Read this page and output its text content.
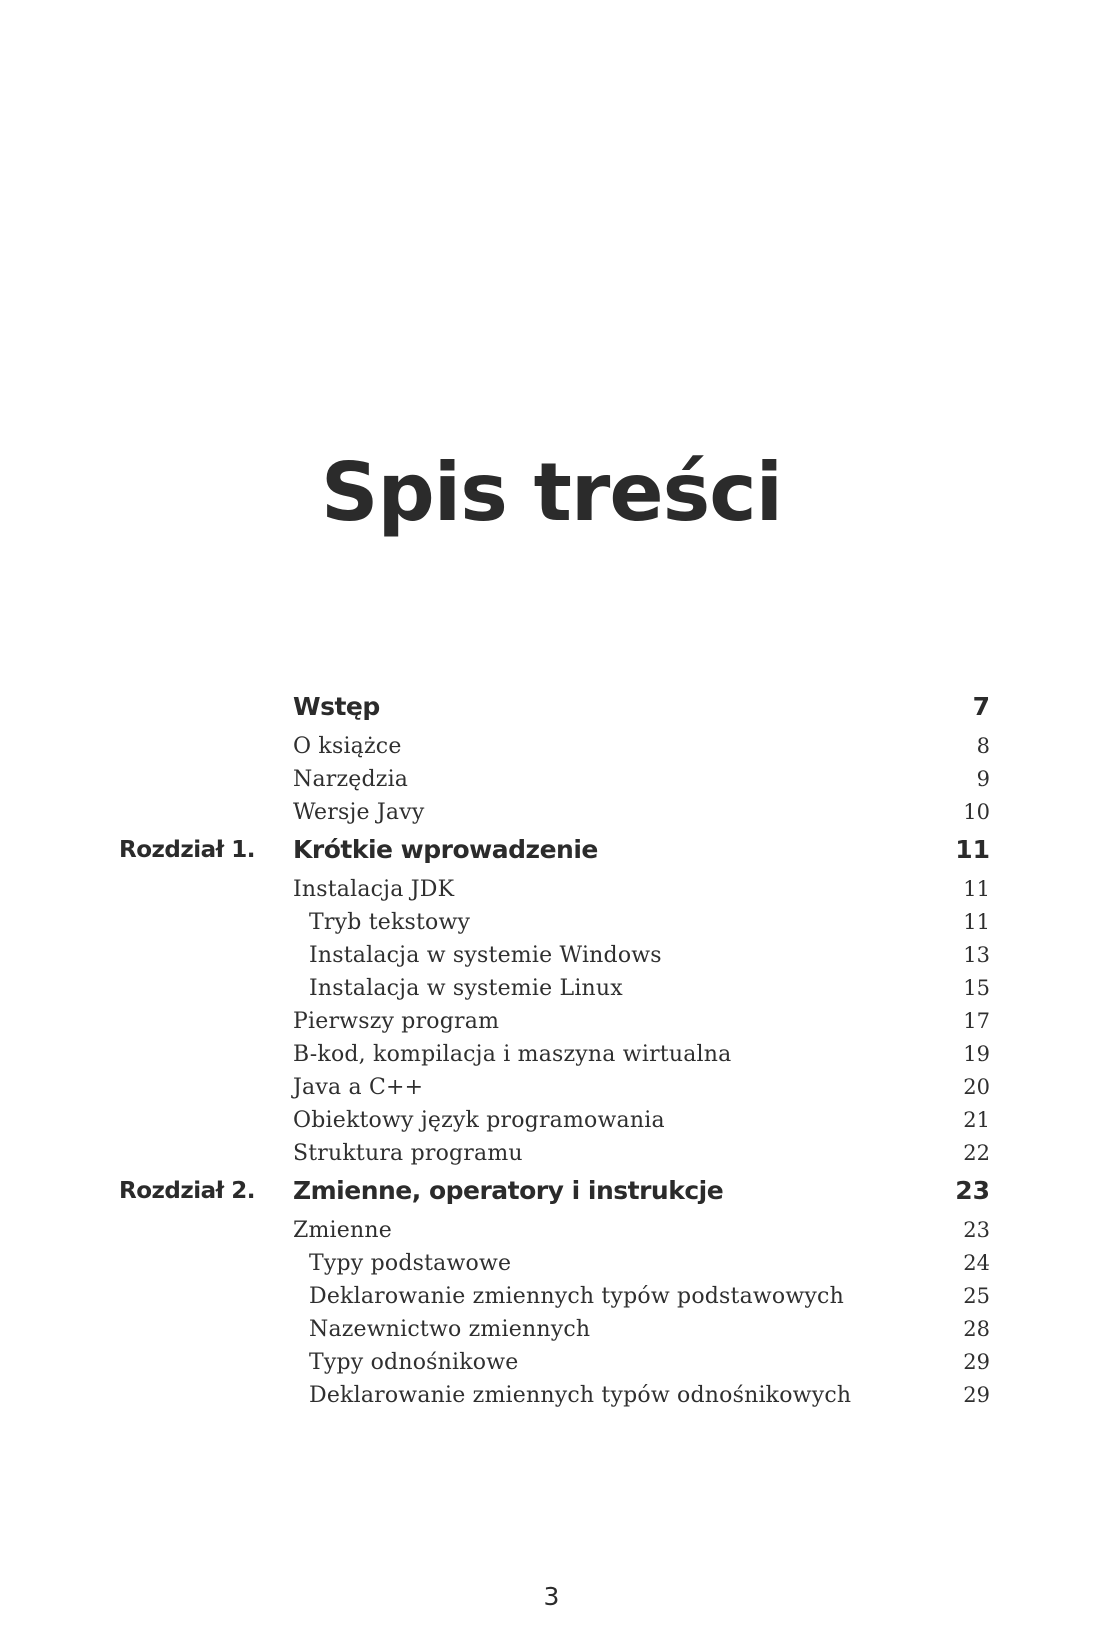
Spis treści
Wstęp	7
O książce	8
Narzędzia	9
Wersje Javy	10
Rozdział 1. Krótkie wprowadzenie	11
Instalacja JDK	11
Tryb tekstowy	11
Instalacja w systemie Windows	13
Instalacja w systemie Linux	15
Pierwszy program	17
B-kod, kompilacja i maszyna wirtualna	19
Java a C++	20
Obiektowy język programowania	21
Struktura programu	22
Rozdział 2. Zmienne, operatory i instrukcje	23
Zmienne	23
Typy podstawowe	24
Deklarowanie zmiennych typów podstawowych	25
Nazewnictwo zmiennych	28
Typy odnośnikowe	29
Deklarowanie zmiennych typów odnośnikowych	29
3
